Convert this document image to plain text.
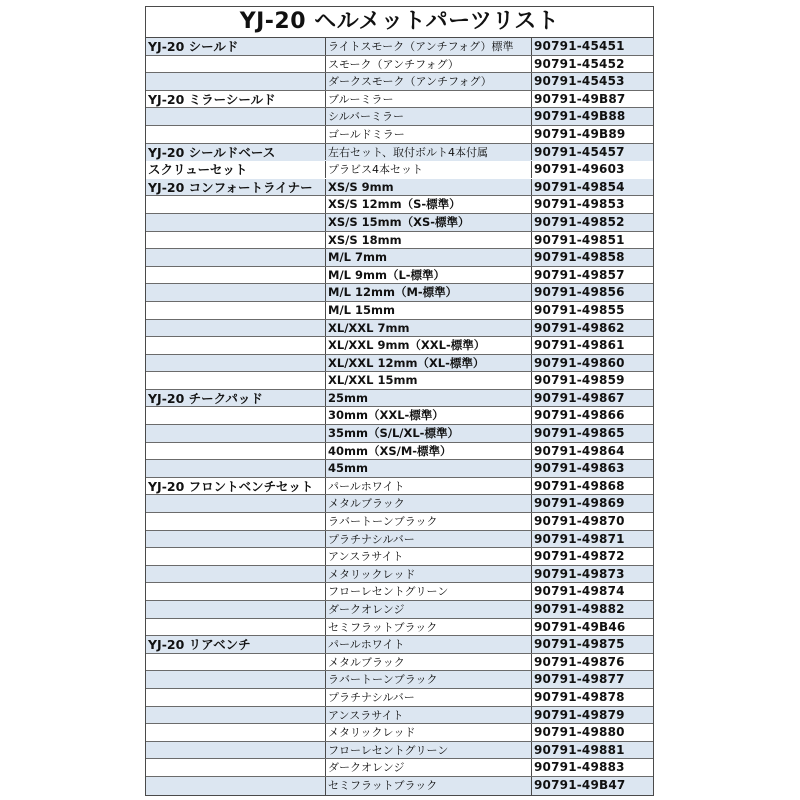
YJ-20 ヘルメットパーツリスト
YJ-20 シールド	ライトスモーク（アンチフォグ）標準	90791-45451
スモーク（アンチフォグ）	90791-45452
ダークスモーク（アンチフォグ）	90791-45453
YJ-20 ミラーシールド	ブルーミラー	90791-49B87
シルバーミラー	90791-49B88
ゴールドミラー	90791-49B89
YJ-20 シールドベース	左右セット、取付ボルト4本付属	90791-45457
スクリューセット	プラビス4本セット	90791-49603
YJ-20 コンフォートライナー	XS/S 9mm	90791-49854
XS/S 12mm（S-標準）	90791-49853
XS/S 15mm（XS-標準）	90791-49852
XS/S 18mm	90791-49851
M/L 7mm	90791-49858
M/L 9mm（L-標準）	90791-49857
M/L 12mm（M-標準）	90791-49856
M/L 15mm	90791-49855
XL/XXL 7mm	90791-49862
XL/XXL 9mm（XXL-標準）	90791-49861
XL/XXL 12mm（XL-標準）	90791-49860
XL/XXL 15mm	90791-49859
YJ-20 チークパッド	25mm	90791-49867
30mm（XXL-標準）	90791-49866
35mm（S/L/XL-標準）	90791-49865
40mm（XS/M-標準）	90791-49864
45mm	90791-49863
YJ-20 フロントベンチセット	パールホワイト	90791-49868
メタルブラック	90791-49869
ラバートーンブラック	90791-49870
プラチナシルバー	90791-49871
アンスラサイト	90791-49872
メタリックレッド	90791-49873
フローレセントグリーン	90791-49874
ダークオレンジ	90791-49882
セミフラットブラック	90791-49B46
YJ-20 リアベンチ	パールホワイト	90791-49875
メタルブラック	90791-49876
ラバートーンブラック	90791-49877
プラチナシルバー	90791-49878
アンスラサイト	90791-49879
メタリックレッド	90791-49880
フローレセントグリーン	90791-49881
ダークオレンジ	90791-49883
セミフラットブラック	90791-49B47
